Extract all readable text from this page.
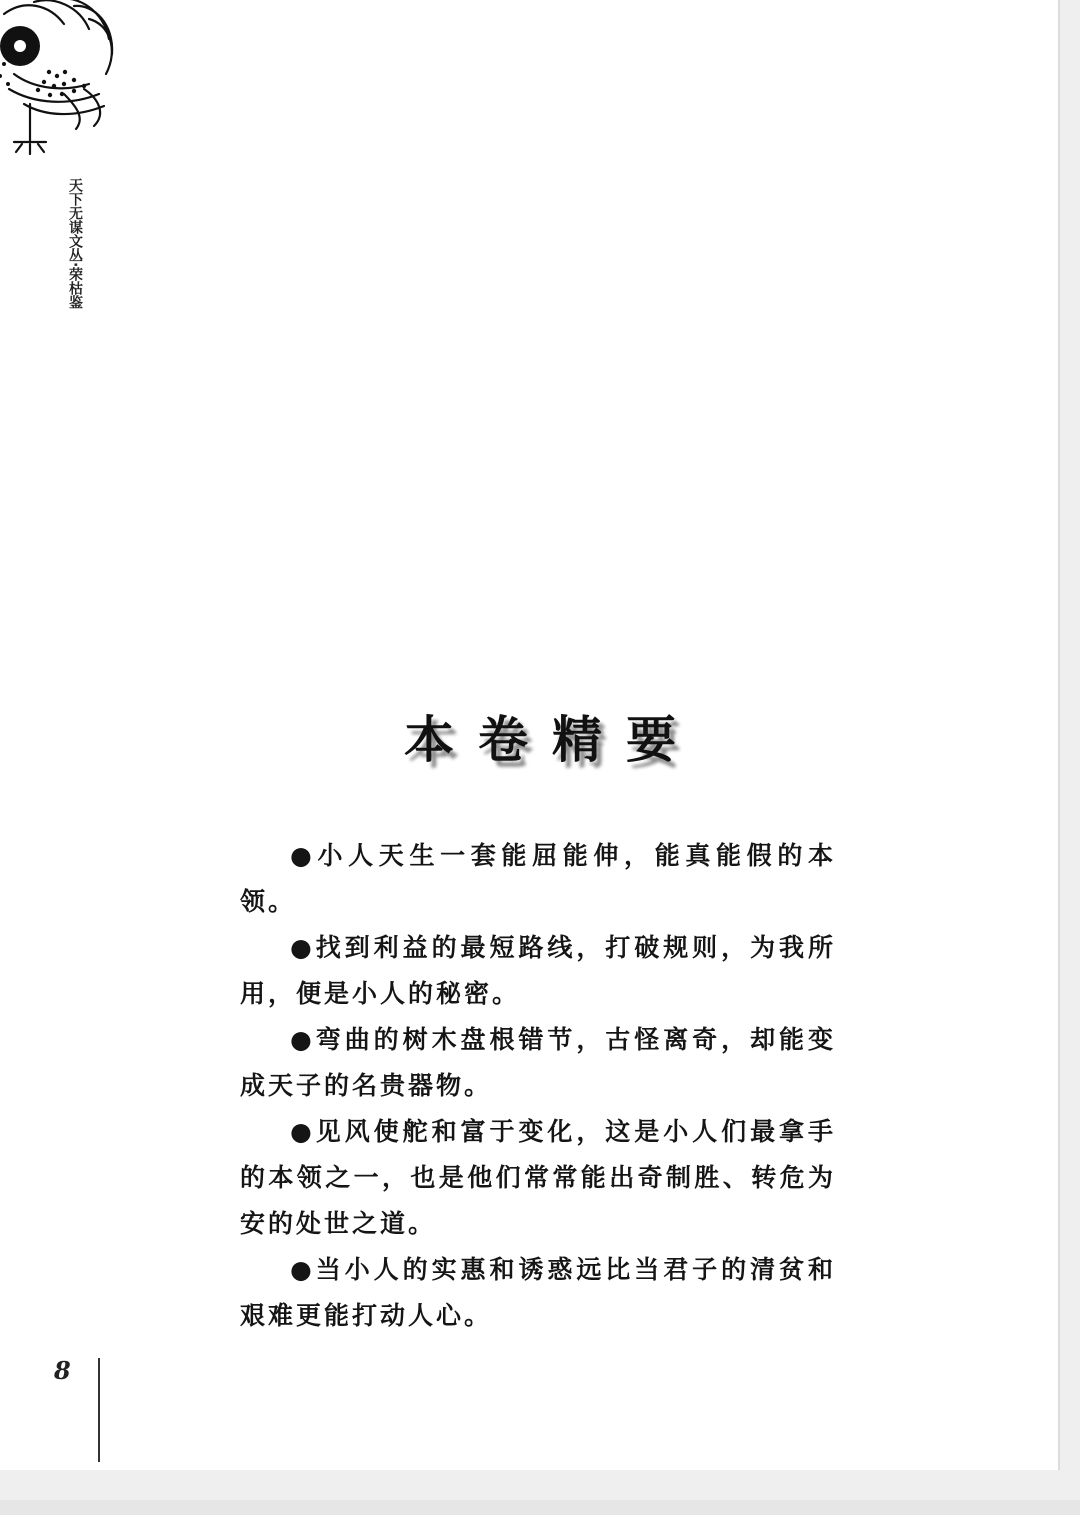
天下无谋文丛·荣枯鉴
本卷精要

●小人天生一套能屈能伸，能真能假的本领。

●找到利益的最短路线，打破规则，为我所用，便是小人的秘密。

●弯曲的树木盘根错节，古怪离奇，却能变成天子的名贵器物。

●见风使舵和富于变化，这是小人们最拿手的本领之一，也是他们常常能出奇制胜、转危为安的处世之道。

●当小人的实惠和诱惑远比当君子的清贫和艰难更能打动人心。

8
